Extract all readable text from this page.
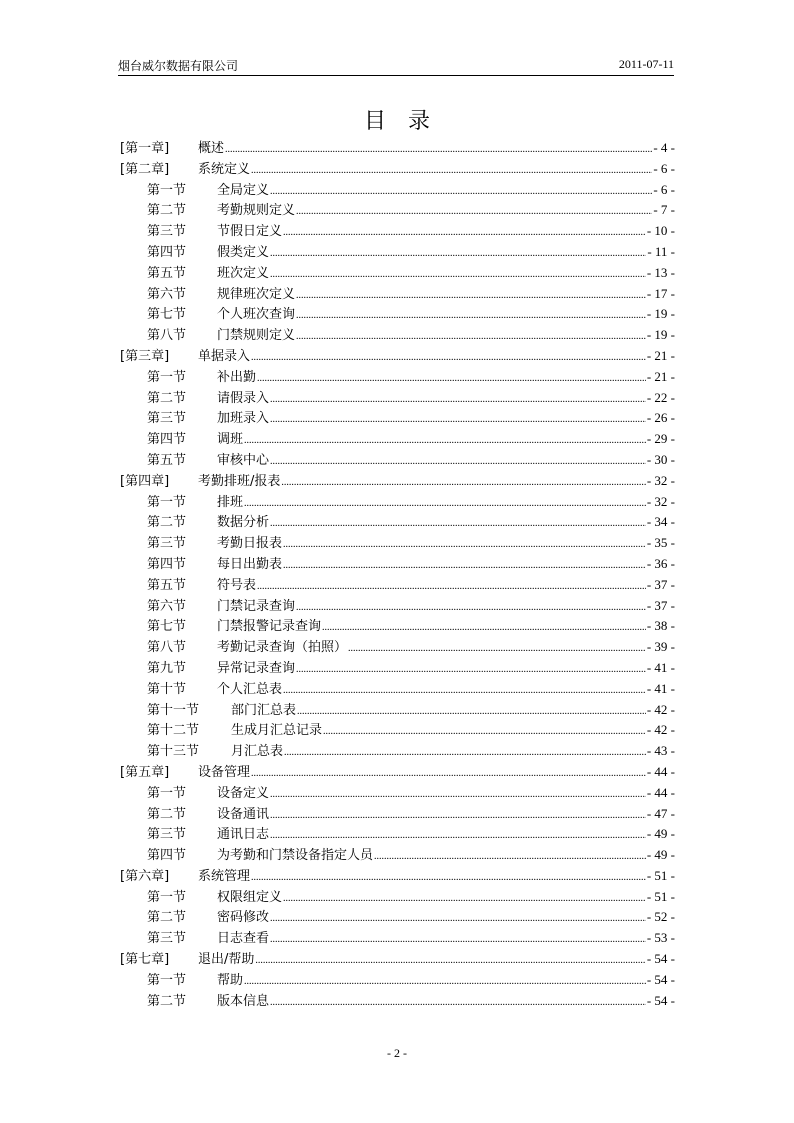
烟台威尔数据有限公司	2011-07-11
目录
[第一章]	概述 .....	- 4 -
[第二章]	系统定义 .....	- 6 -
第一节	全局定义 .....	- 6 -
第二节	考勤规则定义 .....	- 7 -
第三节	节假日定义 .....	- 10 -
第四节	假类定义 .....	- 11 -
第五节	班次定义 .....	- 13 -
第六节	规律班次定义 .....	- 17 -
第七节	个人班次查询 .....	- 19 -
第八节	门禁规则定义 .....	- 19 -
[第三章]	单据录入 .....	- 21 -
第一节	补出勤 .....	- 21 -
第二节	请假录入 .....	- 22 -
第三节	加班录入 .....	- 26 -
第四节	调班 .....	- 29 -
第五节	审核中心 .....	- 30 -
[第四章]	考勤排班/报表 .....	- 32 -
第一节	排班 .....	- 32 -
第二节	数据分析 .....	- 34 -
第三节	考勤日报表 .....	- 35 -
第四节	每日出勤表 .....	- 36 -
第五节	符号表 .....	- 37 -
第六节	门禁记录查询 .....	- 37 -
第七节	门禁报警记录查询 .....	- 38 -
第八节	考勤记录查询（拍照） .....	- 39 -
第九节	异常记录查询 .....	- 41 -
第十节	个人汇总表 .....	- 41 -
第十一节	部门汇总表 .....	- 42 -
第十二节	生成月汇总记录 .....	- 42 -
第十三节	月汇总表 .....	- 43 -
[第五章]	设备管理 .....	- 44 -
第一节	设备定义 .....	- 44 -
第二节	设备通讯 .....	- 47 -
第三节	通讯日志 .....	- 49 -
第四节	为考勤和门禁设备指定人员 .....	- 49 -
[第六章]	系统管理 .....	- 51 -
第一节	权限组定义 .....	- 51 -
第二节	密码修改 .....	- 52 -
第三节	日志查看 .....	- 53 -
[第七章]	退出/帮助 .....	- 54 -
第一节	帮助 .....	- 54 -
第二节	版本信息 .....	- 54 -
- 2 -
